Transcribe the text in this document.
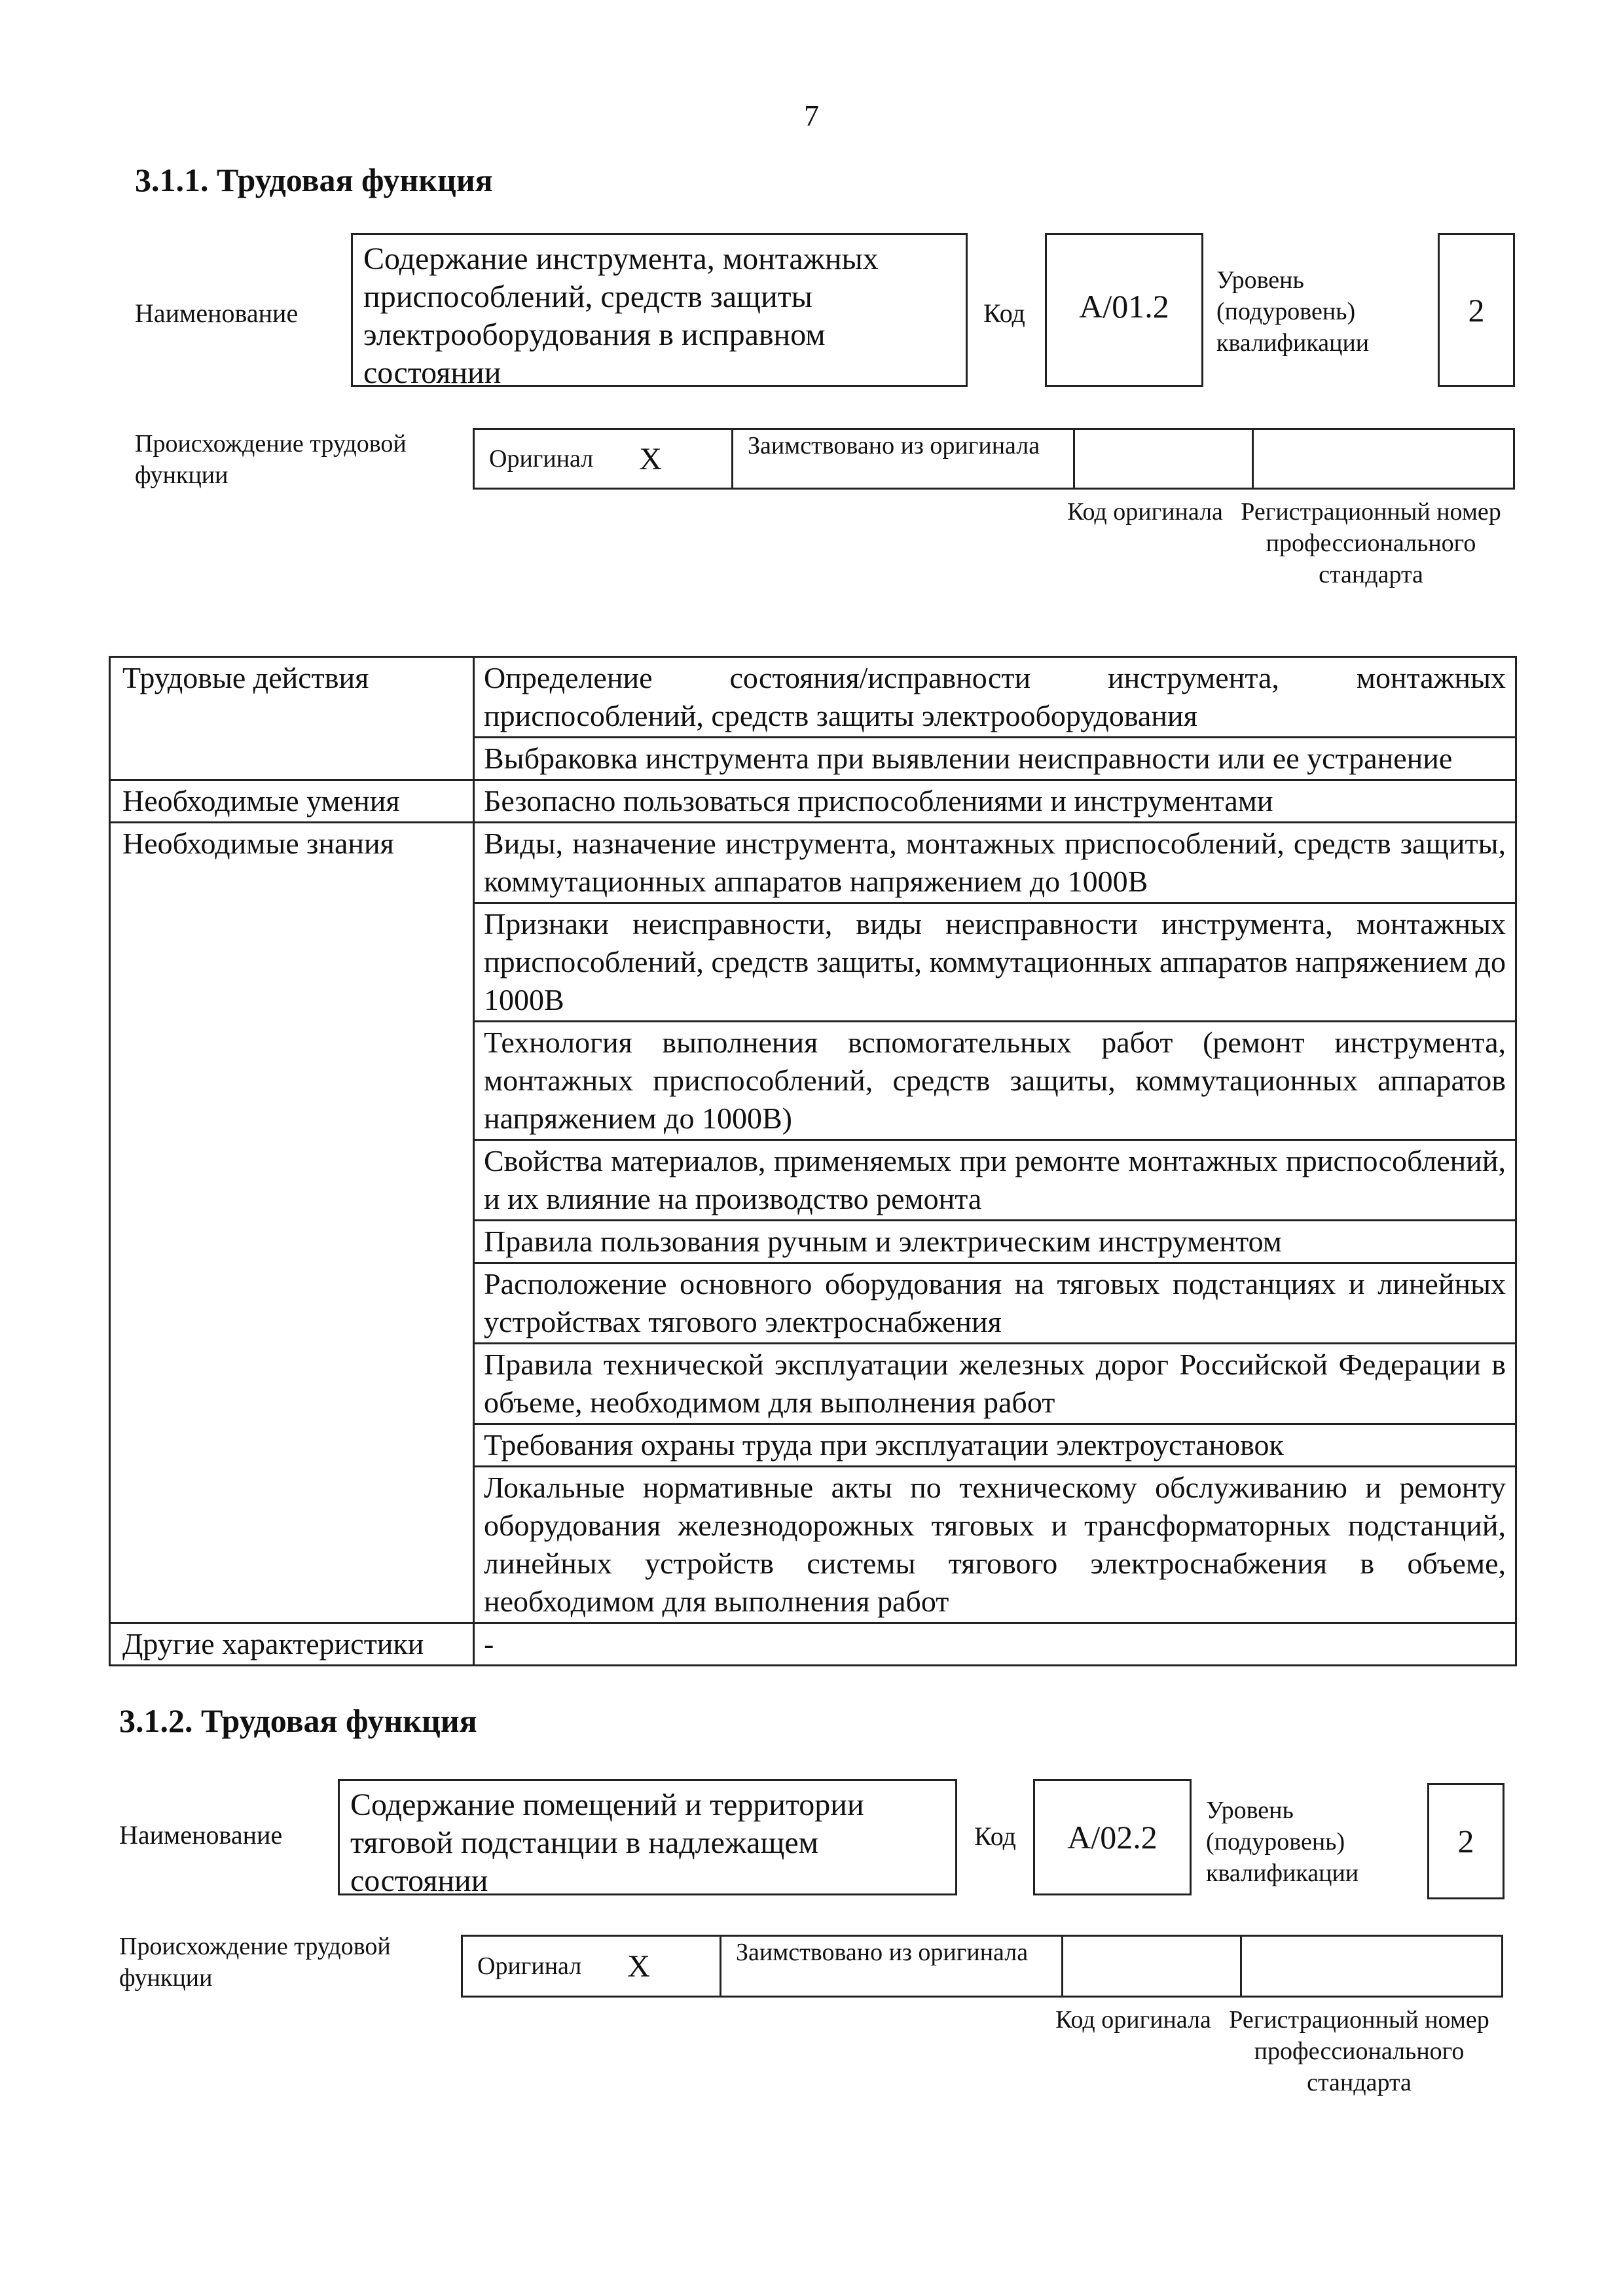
7
3.1.1. Трудовая функция
Наименование
Содержание инструмента, монтажных приспособлений, средств защиты электрооборудования в исправном состоянии
Код А/01.2
Уровень (подуровень) квалификации
2
Происхождение трудовой функции
Оригинал X	Заимствовано из оригинала
Код оригинала Регистрационный номер профессионального стандарта
Трудовые действия	Определение состояния/исправности инструмента, монтажных приспособлений, средств защиты электрооборудования
	Выбраковка инструмента при выявлении неисправности или ее устранение
Необходимые умения	Безопасно пользоваться приспособлениями и инструментами
Необходимые знания	Виды, назначение инструмента, монтажных приспособлений, средств защиты, коммутационных аппаратов напряжением до 1000В
	Признаки неисправности, виды неисправности инструмента, монтажных приспособлений, средств защиты, коммутационных аппаратов напряжением до 1000В
	Технология выполнения вспомогательных работ (ремонт инструмента, монтажных приспособлений, средств защиты, коммутационных аппаратов напряжением до 1000В)
	Свойства материалов, применяемых при ремонте монтажных приспособлений, и их влияние на производство ремонта
	Правила пользования ручным и электрическим инструментом
	Расположение основного оборудования на тяговых подстанциях и линейных устройствах тягового электроснабжения
	Правила технической эксплуатации железных дорог Российской Федерации в объеме, необходимом для выполнения работ
	Требования охраны труда при эксплуатации электроустановок
	Локальные нормативные акты по техническому обслуживанию и ремонту оборудования железнодорожных тяговых и трансформаторных подстанций, линейных устройств системы тягового электроснабжения в объеме, необходимом для выполнения работ
Другие характеристики	-
3.1.2. Трудовая функция
Наименование
Содержание помещений и территории тяговой подстанции в надлежащем состоянии
Код А/02.2
Уровень (подуровень) квалификации
2
Происхождение трудовой функции	Оригинал X	Заимствовано из оригинала
Код оригинала Регистрационный номер профессионального стандарта
